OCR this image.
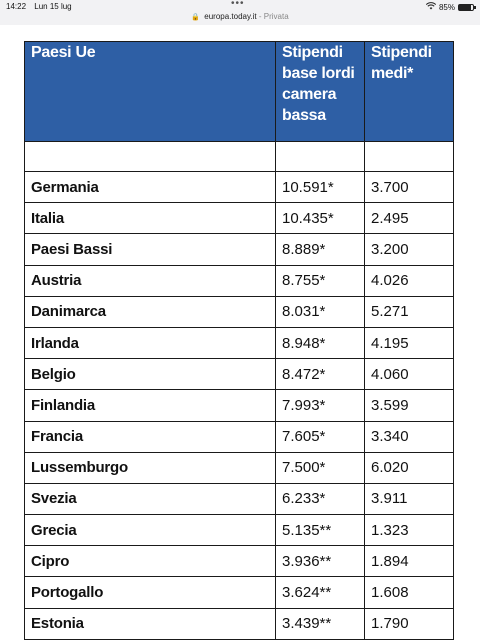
14:22 Lun 15 lug	•••	85%
🔒 europa.today.it - Privata
Paesi Ue	Stipendi base lordi camera bassa	Stipendi medi*

Germania	10.591*	3.700
Italia	10.435*	2.495
Paesi Bassi	8.889*	3.200
Austria	8.755*	4.026
Danimarca	8.031*	5.271
Irlanda	8.948*	4.195
Belgio	8.472*	4.060
Finlandia	7.993*	3.599
Francia	7.605*	3.340
Lussemburgo	7.500*	6.020
Svezia	6.233*	3.911
Grecia	5.135**	1.323
Cipro	3.936**	1.894
Portogallo	3.624**	1.608
Estonia	3.439**	1.790
